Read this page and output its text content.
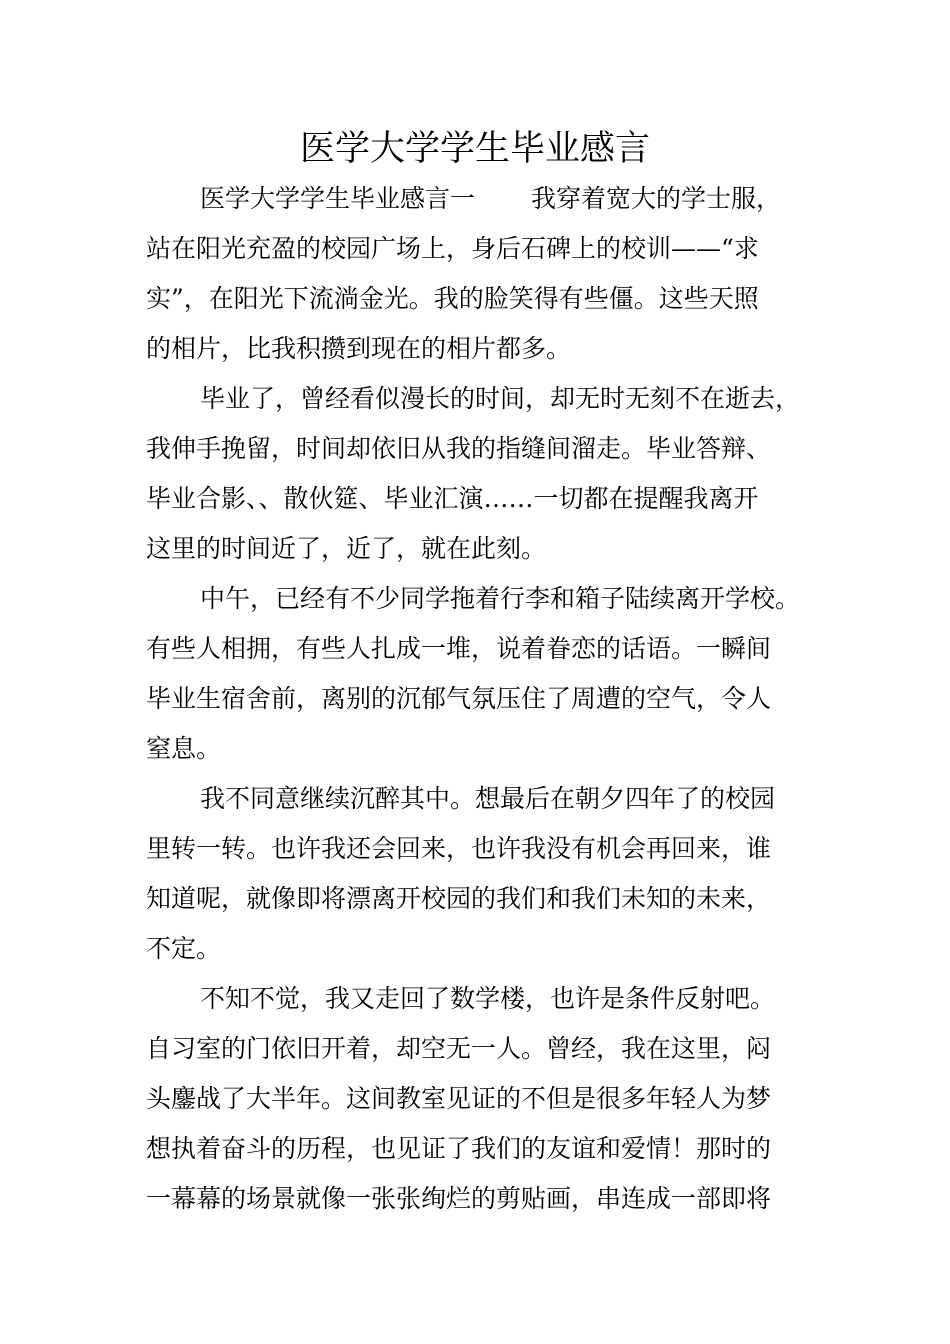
医学大学学生毕业感言
医学大学学生毕业感言一 我穿着宽大的学士服，
站在阳光充盈的校园广场上，身后石碑上的校训——“求
实”，在阳光下流淌金光。我的脸笑得有些僵。这些天照
的相片，比我积攒到现在的相片都多。
毕业了，曾经看似漫长的时间，却无时无刻不在逝去，
我伸手挽留，时间却依旧从我的指缝间溜走。毕业答辩、
毕业合影、、散伙筵、毕业汇演……一切都在提醒我离开
这里的时间近了，近了，就在此刻。
中午，已经有不少同学拖着行李和箱子陆续离开学校。
有些人相拥，有些人扎成一堆，说着眷恋的话语。一瞬间
毕业生宿舍前，离别的沉郁气氛压住了周遭的空气，令人
窒息。
我不同意继续沉醉其中。想最后在朝夕四年了的校园
里转一转。也许我还会回来，也许我没有机会再回来，谁
知道呢，就像即将漂离开校园的我们和我们未知的未来，
不定。
不知不觉，我又走回了数学楼，也许是条件反射吧。
自习室的门依旧开着，却空无一人。曾经，我在这里，闷
头鏖战了大半年。这间教室见证的不但是很多年轻人为梦
想执着奋斗的历程，也见证了我们的友谊和爱情！那时的
一幕幕的场景就像一张张绚烂的剪贴画，串连成一部即将
